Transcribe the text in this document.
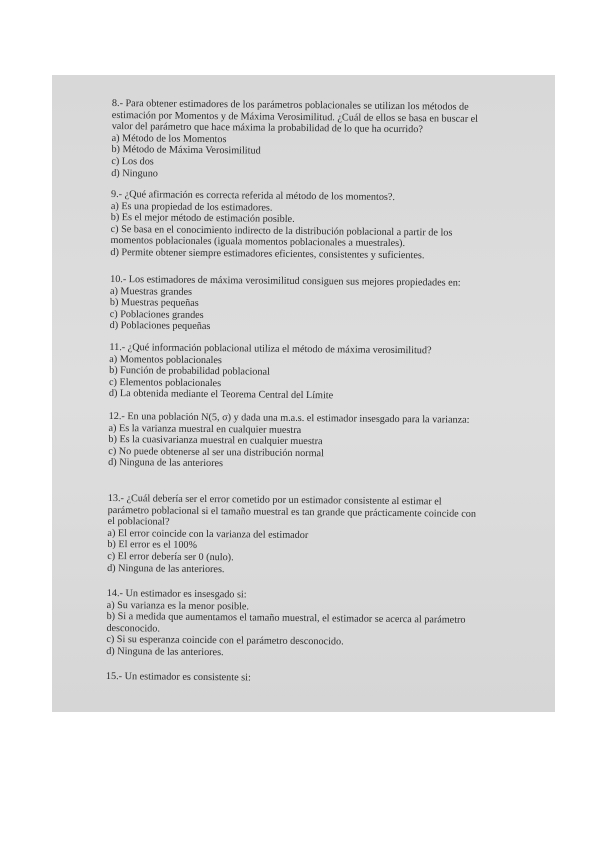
8.- Para obtener estimadores de los parámetros poblacionales se utilizan los métodos de estimación por Momentos y de Máxima Verosimilitud. ¿Cuál de ellos se basa en buscar el valor del parámetro que hace máxima la probabilidad de lo que ha ocurrido?

a) Método de los Momentos

b) Método de Máxima Verosimilitud

c) Los dos

d) Ninguno

9.- ¿Qué afirmación es correcta referida al método de los momentos?.

a) Es una propiedad de los estimadores.

b) Es el mejor método de estimación posible.

c) Se basa en el conocimiento indirecto de la distribución poblacional a partir de los momentos poblacionales (iguala momentos poblacionales a muestrales).

d) Permite obtener siempre estimadores eficientes, consistentes y suficientes.

10.- Los estimadores de máxima verosimilitud consiguen sus mejores propiedades en:

a) Muestras grandes

b) Muestras pequeñas

c) Poblaciones grandes

d) Poblaciones pequeñas

11.- ¿Qué información poblacional utiliza el método de máxima verosimilitud?

a) Momentos poblacionales

b) Función de probabilidad poblacional

c) Elementos poblacionales

d) La obtenida mediante el Teorema Central del Límite

12.- En una población N(5, σ) y dada una m.a.s. el estimador insesgado para la varianza:

a) Es la varianza muestral en cualquier muestra

b) Es la cuasivarianza muestral en cualquier muestra

c) No puede obtenerse al ser una distribución normal

d) Ninguna de las anteriores

13.- ¿Cuál debería ser el error cometido por un estimador consistente al estimar el parámetro poblacional si el tamaño muestral es tan grande que prácticamente coincide con el poblacional?

a) El error coincide con la varianza del estimador

b) El error es el 100%

c) El error debería ser 0 (nulo).

d) Ninguna de las anteriores.

14.- Un estimador es insesgado si:

a) Su varianza es la menor posible.

b) Si a medida que aumentamos el tamaño muestral, el estimador se acerca al parámetro desconocido.

c) Si su esperanza coincide con el parámetro desconocido.

d) Ninguna de las anteriores.

15.- Un estimador es consistente si:
